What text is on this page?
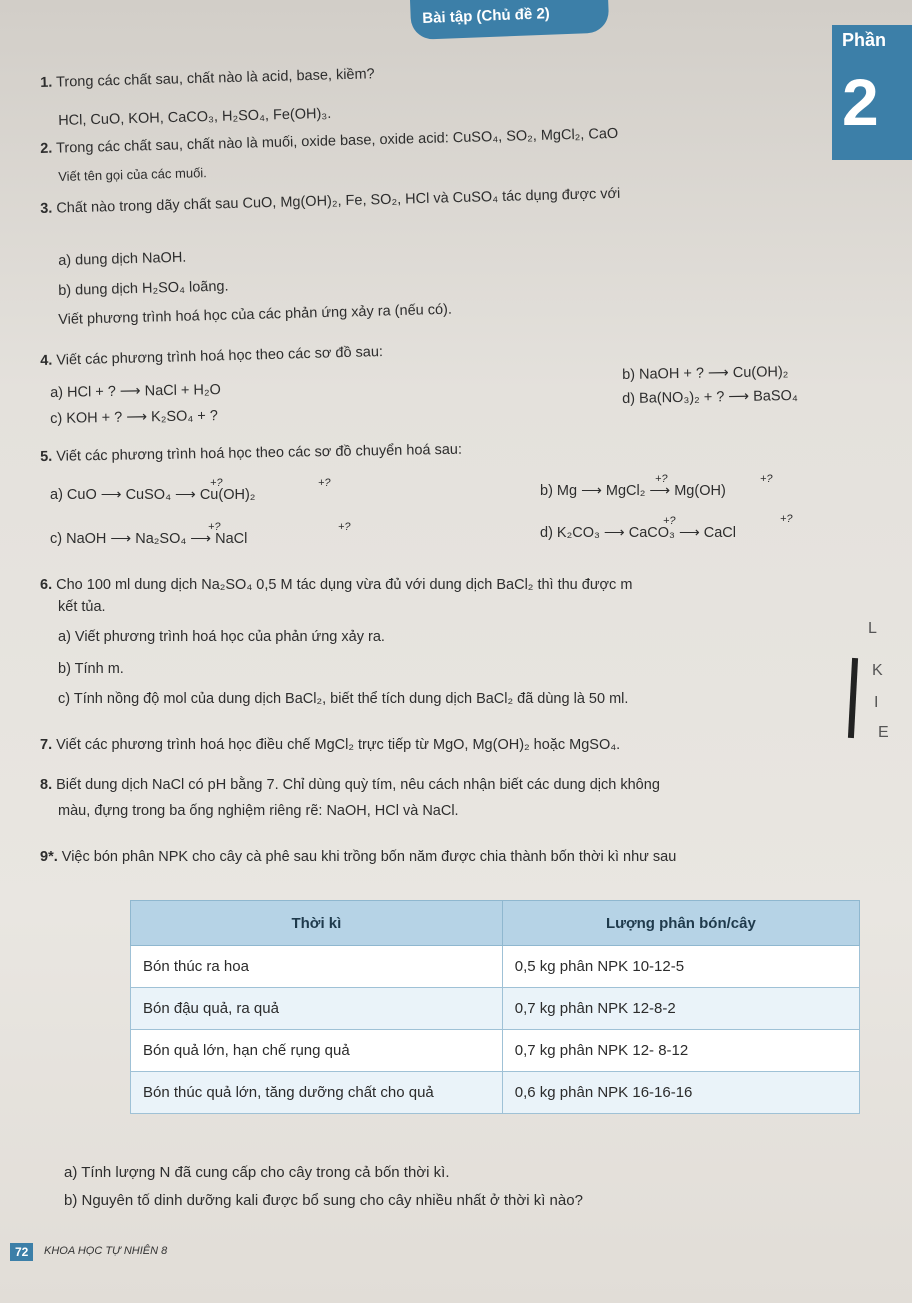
Bài tập (Chủ đề 2)
Phần
2
1. Trong các chất sau, chất nào là acid, base, kiềm?
HCl, CuO, KOH, CaCO₃, H₂SO₄, Fe(OH)₃.
2. Trong các chất sau, chất nào là muối, oxide base, oxide acid: CuSO₄, SO₂, MgCl₂, CaO
Viết tên gọi của các muối.
3. Chất nào trong dãy chất sau CuO, Mg(OH)₂, Fe, SO₂, HCl và CuSO₄ tác dụng được với
a) dung dịch NaOH.
b) dung dịch H₂SO₄ loãng.
Viết phương trình hoá học của các phản ứng xảy ra (nếu có).
4. Viết các phương trình hoá học theo các sơ đồ sau:
a) HCl + ? ⟶ NaCl + H₂O
b) NaOH + ? ⟶ Cu(OH)₂
c) KOH + ? ⟶ K₂SO₄ + ?
d) Ba(NO₃)₂ + ? ⟶ BaSO₄
5. Viết các phương trình hoá học theo các sơ đồ chuyển hoá sau:
a) CuO ⟶ CuSO₄ ⟶ Cu(OH)₂	b) Mg ⟶ MgCl₂ ⟶ Mg(OH)
c) NaOH ⟶ Na₂SO₄ ⟶ NaCl	d) K₂CO₃ ⟶ CaCO₃ ⟶ CaCl
+?	+?	+?	+?
+?	+?	+?	+?
6. Cho 100 ml dung dịch Na₂SO₄ 0,5 M tác dụng vừa đủ với dung dịch BaCl₂ thì thu được m
kết tủa.
a) Viết phương trình hoá học của phản ứng xảy ra.
b) Tính m.
c) Tính nồng độ mol của dung dịch BaCl₂, biết thể tích dung dịch BaCl₂ đã dùng là 50 ml.
7. Viết các phương trình hoá học điều chế MgCl₂ trực tiếp từ MgO, Mg(OH)₂ hoặc MgSO₄.
8. Biết dung dịch NaCl có pH bằng 7. Chỉ dùng quỳ tím, nêu cách nhận biết các dung dịch không
màu, đựng trong ba ống nghiệm riêng rẽ: NaOH, HCl và NaCl.
9*. Việc bón phân NPK cho cây cà phê sau khi trồng bốn năm được chia thành bốn thời kì như sau
Thời kì	Lượng phân bón/cây
Bón thúc ra hoa	0,5 kg phân NPK 10-12-5
Bón đậu quả, ra quả	0,7 kg phân NPK 12-8-2
Bón quả lớn, hạn chế rụng quả	0,7 kg phân NPK 12- 8-12
Bón thúc quả lớn, tăng dưỡng chất cho quả	0,6 kg phân NPK 16-16-16
a) Tính lượng N đã cung cấp cho cây trong cả bốn thời kì.
b) Nguyên tố dinh dưỡng kali được bổ sung cho cây nhiều nhất ở thời kì nào?
L
K
I
E
72	KHOA HỌC TỰ NHIÊN 8
